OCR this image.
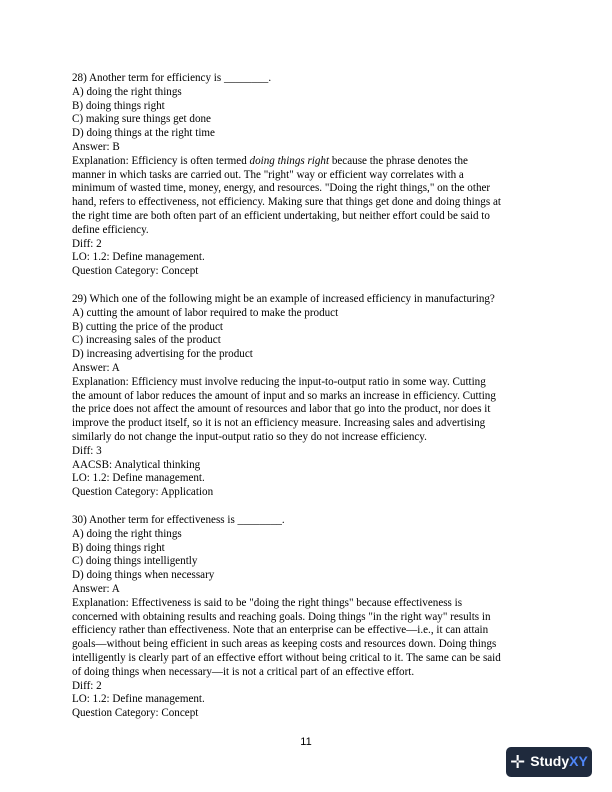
28) Another term for efficiency is ________.
A) doing the right things
B) doing things right
C) making sure things get done
D) doing things at the right time
Answer: B
Explanation: Efficiency is often termed doing things right because the phrase denotes the
manner in which tasks are carried out. The "right" way or efficient way correlates with a
minimum of wasted time, money, energy, and resources. "Doing the right things," on the other
hand, refers to effectiveness, not efficiency. Making sure that things get done and doing things at
the right time are both often part of an efficient undertaking, but neither effort could be said to
define efficiency.
Diff: 2
LO: 1.2: Define management.
Question Category: Concept
29) Which one of the following might be an example of increased efficiency in manufacturing?
A) cutting the amount of labor required to make the product
B) cutting the price of the product
C) increasing sales of the product
D) increasing advertising for the product
Answer: A
Explanation: Efficiency must involve reducing the input-to-output ratio in some way. Cutting
the amount of labor reduces the amount of input and so marks an increase in efficiency. Cutting
the price does not affect the amount of resources and labor that go into the product, nor does it
improve the product itself, so it is not an efficiency measure. Increasing sales and advertising
similarly do not change the input-output ratio so they do not increase efficiency.
Diff: 3
AACSB: Analytical thinking
LO: 1.2: Define management.
Question Category: Application
30) Another term for effectiveness is ________.
A) doing the right things
B) doing things right
C) doing things intelligently
D) doing things when necessary
Answer: A
Explanation: Effectiveness is said to be "doing the right things" because effectiveness is
concerned with obtaining results and reaching goals. Doing things "in the right way" results in
efficiency rather than effectiveness. Note that an enterprise can be effective—i.e., it can attain
goals—without being efficient in such areas as keeping costs and resources down. Doing things
intelligently is clearly part of an effective effort without being critical to it. The same can be said
of doing things when necessary—it is not a critical part of an effective effort.
Diff: 2
LO: 1.2: Define management.
Question Category: Concept
11
✛ StudyXY
